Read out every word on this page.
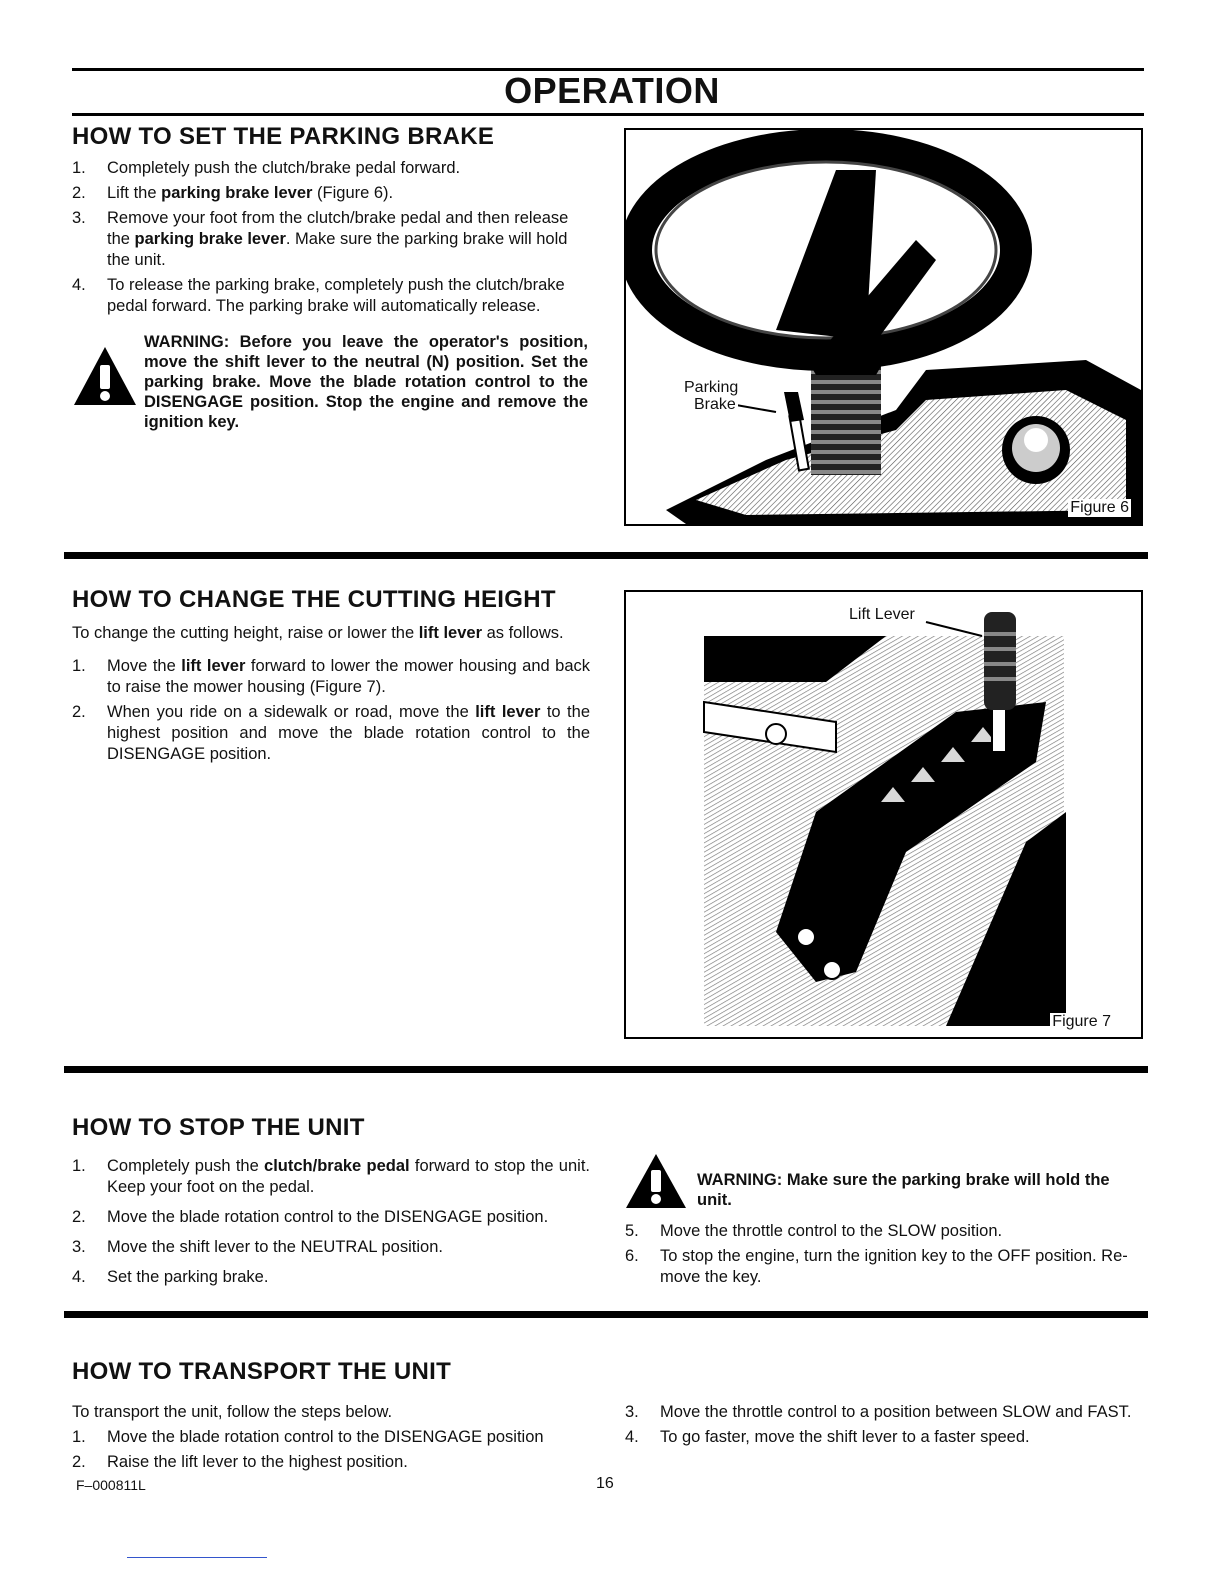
OPERATION
HOW TO SET THE PARKING BRAKE
1. Completely push the clutch/brake pedal forward.
2. Lift the parking brake lever (Figure 6).
3. Remove your foot from the clutch/brake pedal and then release the parking brake lever. Make sure the parking brake will hold the unit.
4. To release the parking brake, completely push the clutch/brake pedal forward. The parking brake will automatically release.
WARNING: Before you leave the operator's position, move the shift lever to the neutral (N) position. Set the parking brake. Move the blade rotation control to the DISENGAGE position. Stop the engine and remove the ignition key.
Parking
Brake
Figure 6
HOW TO CHANGE THE CUTTING HEIGHT
To change the cutting height, raise or lower the lift lever as follows.
1. Move the lift lever forward to lower the mower housing and back to raise the mower housing (Figure 7).
2. When you ride on a sidewalk or road, move the lift lever to the highest position and move the blade rotation control to the DISENGAGE position.
Lift Lever
Figure 7
HOW TO STOP THE UNIT
1. Completely push the clutch/brake pedal forward to stop the unit. Keep your foot on the pedal.
2. Move the blade rotation control to the DISENGAGE position.
3. Move the shift lever to the NEUTRAL position.
4. Set the parking brake.
WARNING: Make sure the parking brake will hold the unit.
5. Move the throttle control to the SLOW position.
6. To stop the engine, turn the ignition key to the OFF position. Re-move the key.
HOW TO TRANSPORT THE UNIT
To transport the unit, follow the steps below.
1. Move the blade rotation control to the DISENGAGE position
2. Raise the lift lever to the highest position.
3. Move the throttle control to a position between SLOW and FAST.
4. To go faster, move the shift lever to a faster speed.
F–000811L	16
